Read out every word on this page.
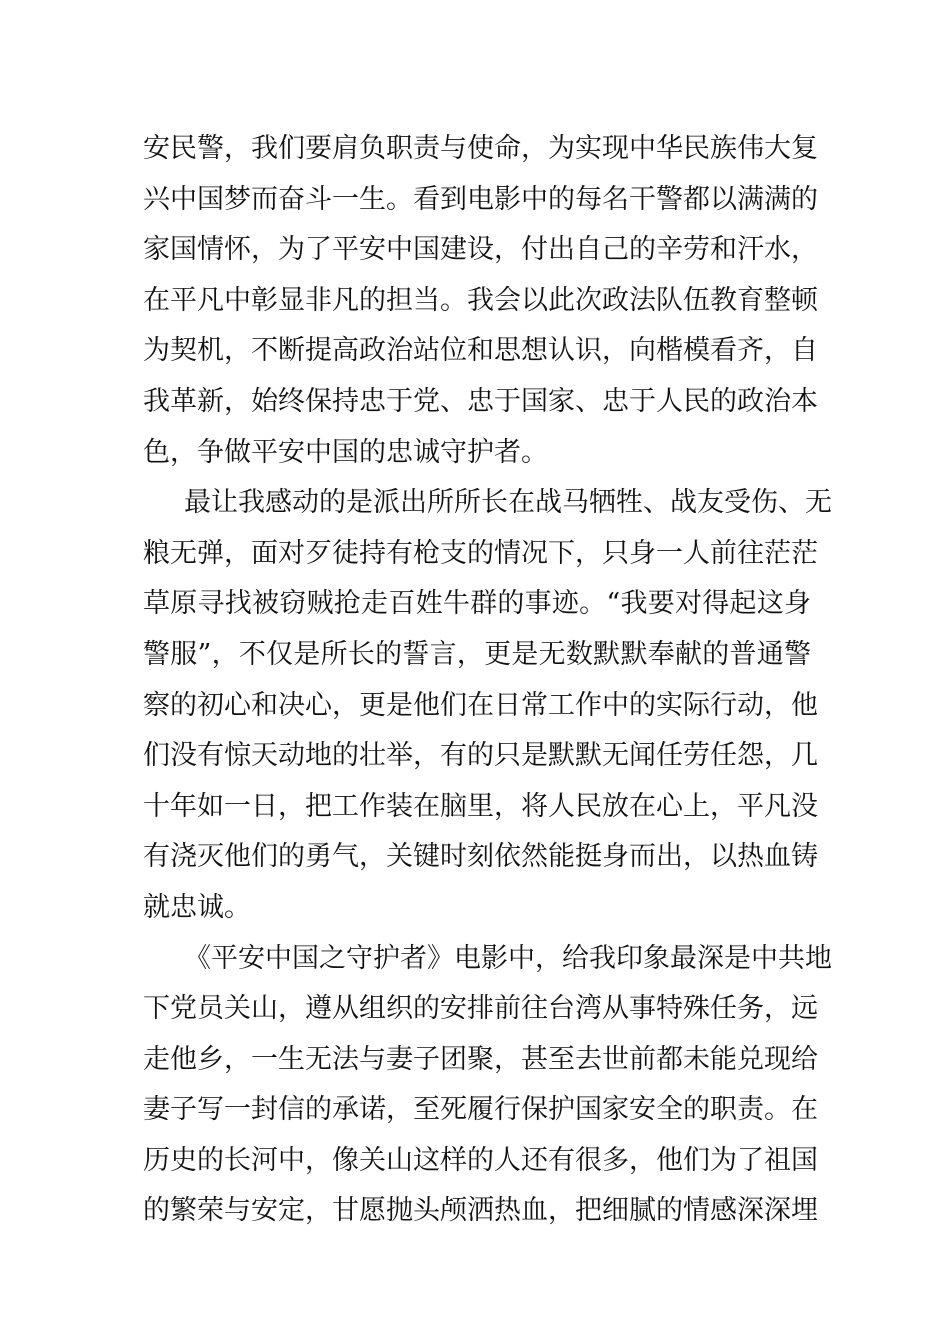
安民警，我们要肩负职责与使命，为实现中华民族伟大复
兴中国梦而奋斗一生。看到电影中的每名干警都以满满的
家国情怀，为了平安中国建设，付出自己的辛劳和汗水，
在平凡中彰显非凡的担当。我会以此次政法队伍教育整顿
为契机，不断提高政治站位和思想认识，向楷模看齐，自
我革新，始终保持忠于党、忠于国家、忠于人民的政治本
色，争做平安中国的忠诚守护者。

最让我感动的是派出所所长在战马牺牲、战友受伤、无
粮无弹，面对歹徒持有枪支的情况下，只身一人前往茫茫
草原寻找被窃贼抢走百姓牛群的事迹。“我要对得起这身
警服”，不仅是所长的誓言，更是无数默默奉献的普通警
察的初心和决心，更是他们在日常工作中的实际行动，他
们没有惊天动地的壮举，有的只是默默无闻任劳任怨，几
十年如一日，把工作装在脑里，将人民放在心上，平凡没
有浇灭他们的勇气，关键时刻依然能挺身而出，以热血铸
就忠诚。

《平安中国之守护者》电影中，给我印象最深是中共地
下党员关山，遵从组织的安排前往台湾从事特殊任务，远
走他乡，一生无法与妻子团聚，甚至去世前都未能兑现给
妻子写一封信的承诺，至死履行保护国家安全的职责。在
历史的长河中，像关山这样的人还有很多，他们为了祖国
的繁荣与安定，甘愿抛头颅洒热血，把细腻的情感深深埋
